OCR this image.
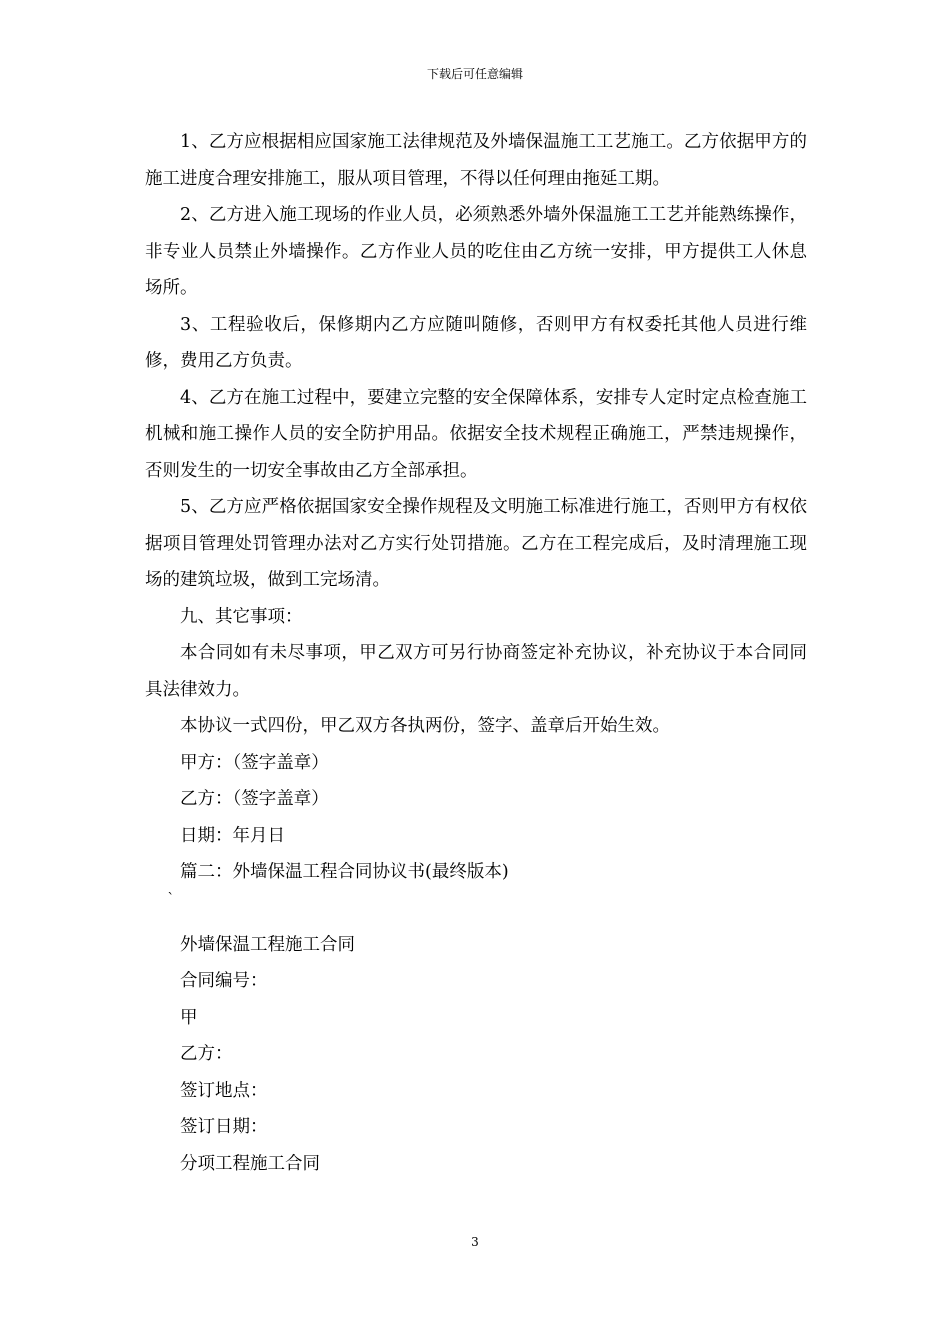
下载后可任意编辑

1、乙方应根据相应国家施工法律规范及外墙保温施工工艺施工。乙方依据甲方的施工进度合理安排施工，服从项目管理，不得以任何理由拖延工期。

2、乙方进入施工现场的作业人员，必须熟悉外墙外保温施工工艺并能熟练操作，非专业人员禁止外墙操作。乙方作业人员的吃住由乙方统一安排，甲方提供工人休息场所。

3、工程验收后，保修期内乙方应随叫随修，否则甲方有权委托其他人员进行维修，费用乙方负责。

4、乙方在施工过程中，要建立完整的安全保障体系，安排专人定时定点检查施工机械和施工操作人员的安全防护用品。依据安全技术规程正确施工，严禁违规操作，否则发生的一切安全事故由乙方全部承担。

5、乙方应严格依据国家安全操作规程及文明施工标准进行施工，否则甲方有权依据项目管理处罚管理办法对乙方实行处罚措施。乙方在工程完成后，及时清理施工现场的建筑垃圾，做到工完场清。

九、其它事项：

本合同如有未尽事项，甲乙双方可另行协商签定补充协议，补充协议于本合同同具法律效力。

本协议一式四份，甲乙双方各执两份，签字、盖章后开始生效。

甲方：（签字盖章）

乙方：（签字盖章）

日期：年月日

篇二：外墙保温工程合同协议书(最终版本)

`

外墙保温工程施工合同

合同编号：

甲

乙方：

签订地点：

签订日期：

分项工程施工合同

3
